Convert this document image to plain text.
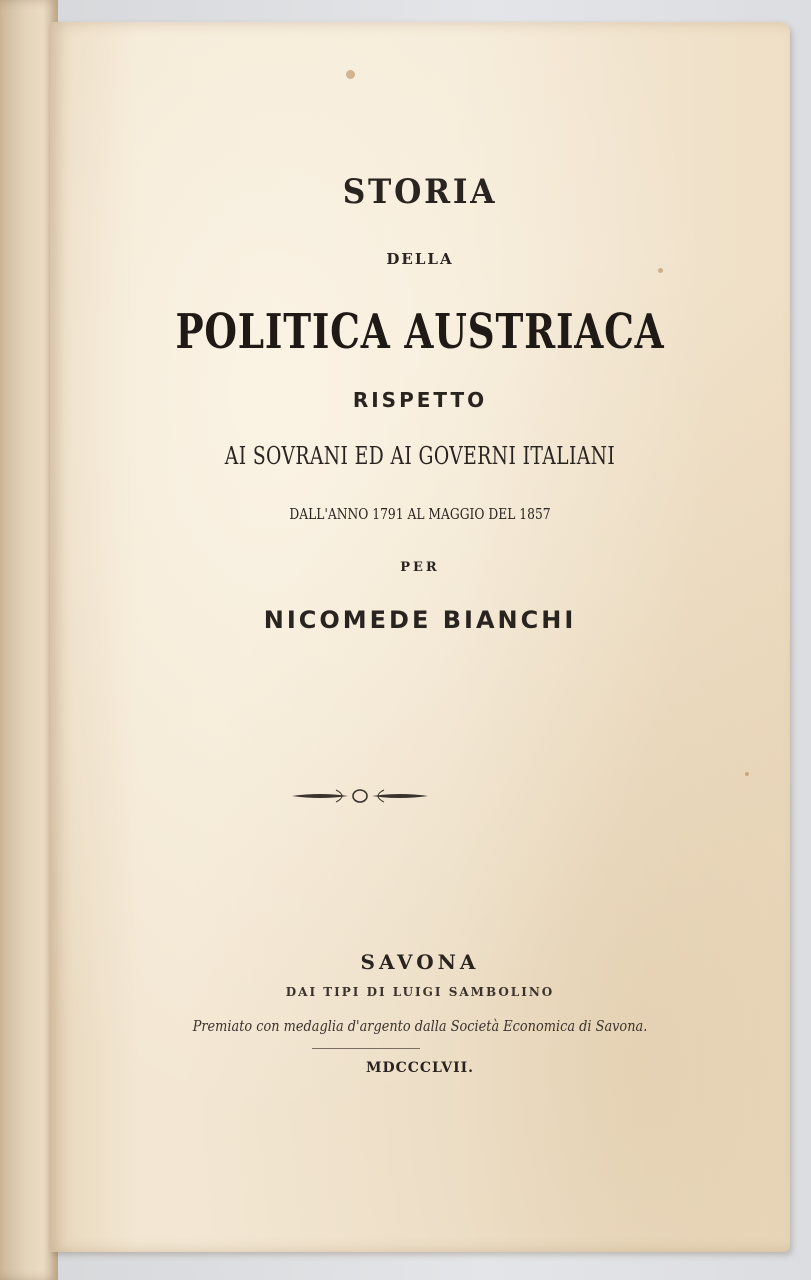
STORIA
DELLA
POLITICA AUSTRIACA
RISPETTO
AI SOVRANI ED AI GOVERNI ITALIANI
DALL'ANNO 1791 AL MAGGIO DEL 1857
PER
NICOMEDE BIANCHI
SAVONA
DAI TIPI DI LUIGI SAMBOLINO
Premiato con medaglia d'argento dalla Società Economica di Savona.
MDCCCLVII.
